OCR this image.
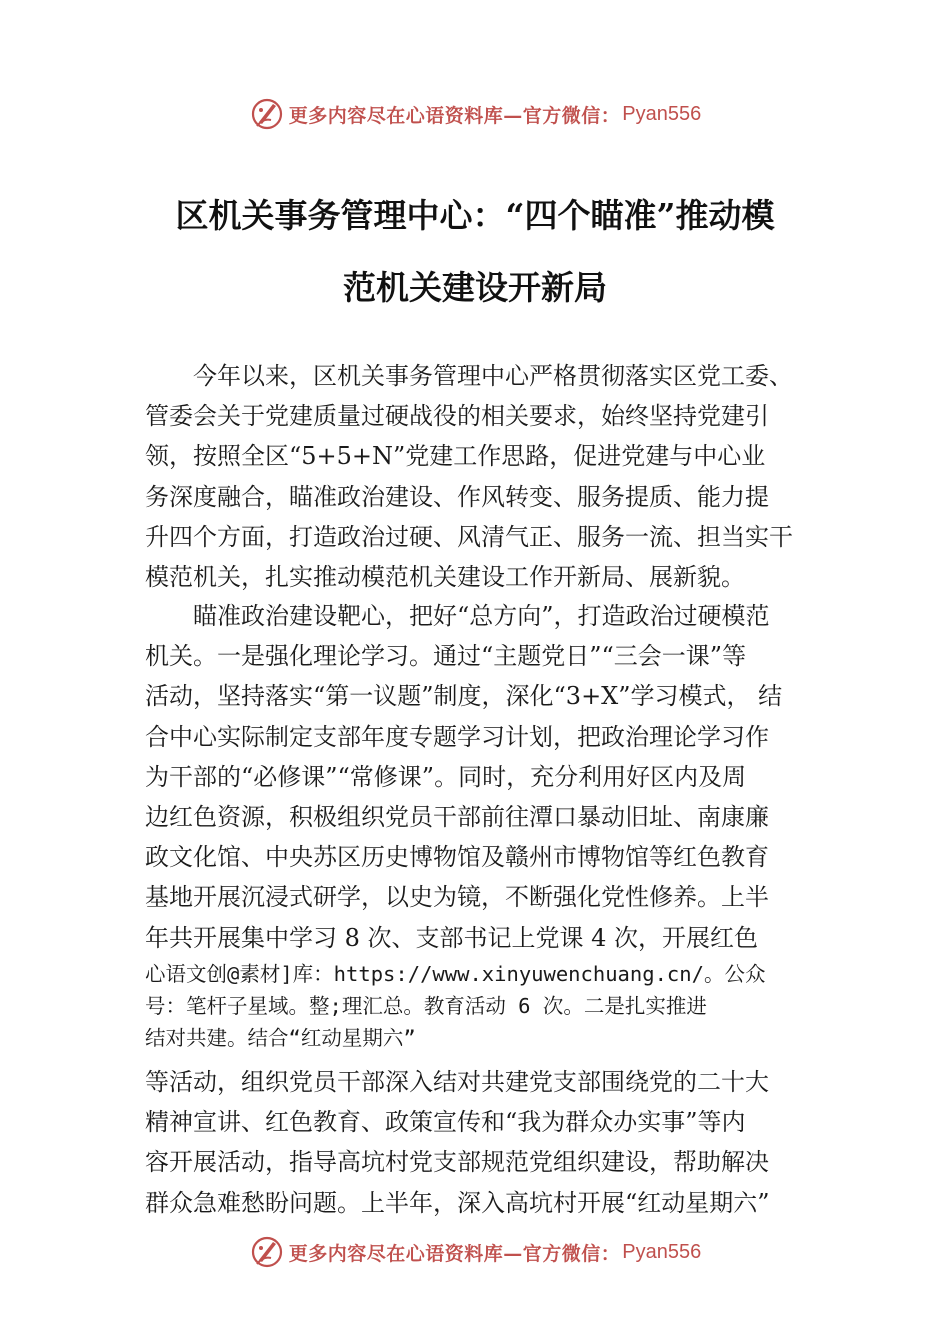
更多内容尽在心语资料库—官方微信： Pyan556
区机关事务管理中心：“四个瞄准”推动模
范机关建设开新局
今年以来，区机关事务管理中心严格贯彻落实区党工委、
管委会关于党建质量过硬战役的相关要求，始终坚持党建引
领，按照全区“5+5+N”党建工作思路，促进党建与中心业
务深度融合，瞄准政治建设、作风转变、服务提质、能力提
升四个方面，打造政治过硬、风清气正、服务一流、担当实干
模范机关，扎实推动模范机关建设工作开新局、展新貌。
瞄准政治建设靶心，把好“总方向”，打造政治过硬模范
机关。一是强化理论学习。通过“主题党日”“三会一课”等
活动，坚持落实“第一议题”制度，深化“3+X”学习模式， 结
合中心实际制定支部年度专题学习计划，把政治理论学习作
为干部的“必修课”“常修课”。同时，充分利用好区内及周
边红色资源，积极组织党员干部前往潭口暴动旧址、南康廉
政文化馆、中央苏区历史博物馆及赣州市博物馆等红色教育
基地开展沉浸式研学，以史为镜，不断强化党性修养。上半
年共开展集中学习 8 次、支部书记上党课 4 次，开展红色
心语文创@素材]库：https://www.xinyuwenchuang.cn/。公众
号：笔杆子星域。整;理汇总。教育活动 6 次。二是扎实推进
结对共建。结合“红动星期六”
等活动，组织党员干部深入结对共建党支部围绕党的二十大
精神宣讲、红色教育、政策宣传和“我为群众办实事”等内
容开展活动，指导高坑村党支部规范党组织建设，帮助解决
群众急难愁盼问题。上半年，深入高坑村开展“红动星期六”
更多内容尽在心语资料库—官方微信： Pyan556
